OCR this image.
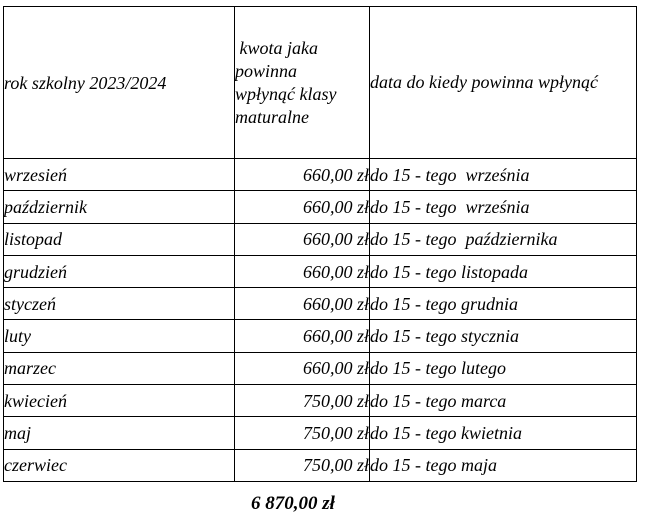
rok szkolny 2023/2024	kwota jaka powinna wpłynąć klasy maturalne	data do kiedy powinna wpłynąć

wrzesień	660,00 zł	do 15 - tego  września
październik	660,00 zł	do 15 - tego  września
listopad	660,00 zł	do 15 - tego  października
grudzień	660,00 zł	do 15 - tego listopada
styczeń	660,00 zł	do 15 - tego grudnia
luty	660,00 zł	do 15 - tego stycznia
marzec	660,00 zł	do 15 - tego lutego
kwiecień	750,00 zł	do 15 - tego marca
maj	750,00 zł	do 15 - tego kwietnia
czerwiec	750,00 zł	do 15 - tego maja
6 870,00 zł
